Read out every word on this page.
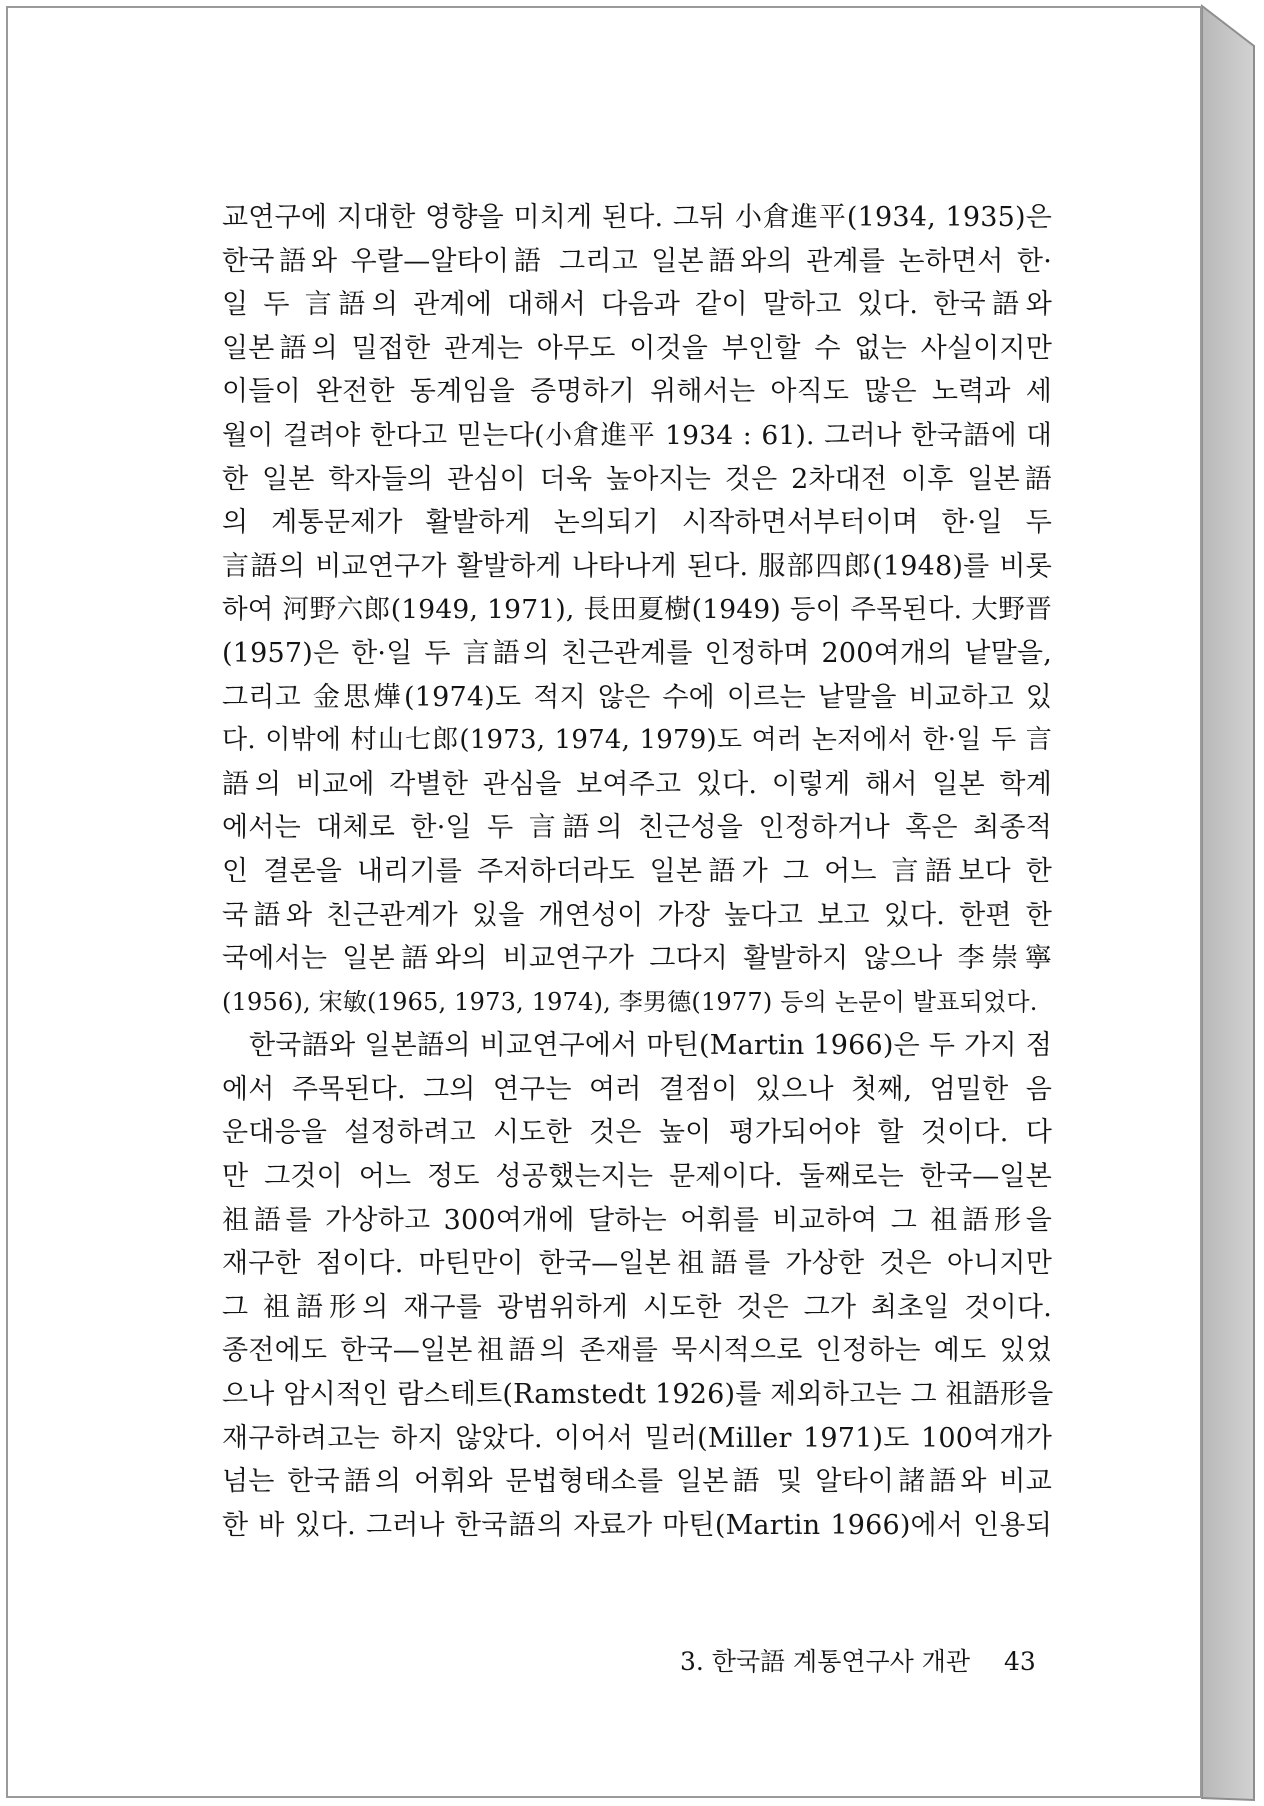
교연구에 지대한 영향을 미치게 된다. 그뒤 小倉進平(1934, 1935)은
한국語와 우랄—알타이語 그리고 일본語와의 관계를 논하면서 한·
일 두 言語의 관계에 대해서 다음과 같이 말하고 있다. 한국語와
일본語의 밀접한 관계는 아무도 이것을 부인할 수 없는 사실이지만
이들이 완전한 동계임을 증명하기 위해서는 아직도 많은 노력과 세
월이 걸려야 한다고 믿는다(小倉進平 1934 : 61). 그러나 한국語에 대
한 일본 학자들의 관심이 더욱 높아지는 것은 2차대전 이후 일본語
의 계통문제가 활발하게 논의되기 시작하면서부터이며 한·일 두
言語의 비교연구가 활발하게 나타나게 된다. 服部四郎(1948)를 비롯
하여 河野六郎(1949, 1971), 長田夏樹(1949) 등이 주목된다. 大野晋
(1957)은 한·일 두 言語의 친근관계를 인정하며 200여개의 낱말을,
그리고 金思燁(1974)도 적지 않은 수에 이르는 낱말을 비교하고 있
다. 이밖에 村山七郎(1973, 1974, 1979)도 여러 논저에서 한·일 두 言
語의 비교에 각별한 관심을 보여주고 있다. 이렇게 해서 일본 학계
에서는 대체로 한·일 두 言語의 친근성을 인정하거나 혹은 최종적
인 결론을 내리기를 주저하더라도 일본語가 그 어느 言語보다 한
국語와 친근관계가 있을 개연성이 가장 높다고 보고 있다. 한편 한
국에서는 일본語와의 비교연구가 그다지 활발하지 않으나 李崇寧
(1956), 宋敏(1965, 1973, 1974), 李男德(1977) 등의 논문이 발표되었다.
한국語와 일본語의 비교연구에서 마틴(Martin 1966)은 두 가지 점
에서 주목된다. 그의 연구는 여러 결점이 있으나 첫째, 엄밀한 음
운대응을 설정하려고 시도한 것은 높이 평가되어야 할 것이다. 다
만 그것이 어느 정도 성공했는지는 문제이다. 둘째로는 한국—일본
祖語를 가상하고 300여개에 달하는 어휘를 비교하여 그 祖語形을
재구한 점이다. 마틴만이 한국—일본祖語를 가상한 것은 아니지만
그 祖語形의 재구를 광범위하게 시도한 것은 그가 최초일 것이다.
종전에도 한국—일본祖語의 존재를 묵시적으로 인정하는 예도 있었
으나 암시적인 람스테트(Ramstedt 1926)를 제외하고는 그 祖語形을
재구하려고는 하지 않았다. 이어서 밀러(Miller 1971)도 100여개가
넘는 한국語의 어휘와 문법형태소를 일본語 및 알타이諸語와 비교
한 바 있다. 그러나 한국語의 자료가 마틴(Martin 1966)에서 인용되
3. 한국語 계통연구사 개관 43
